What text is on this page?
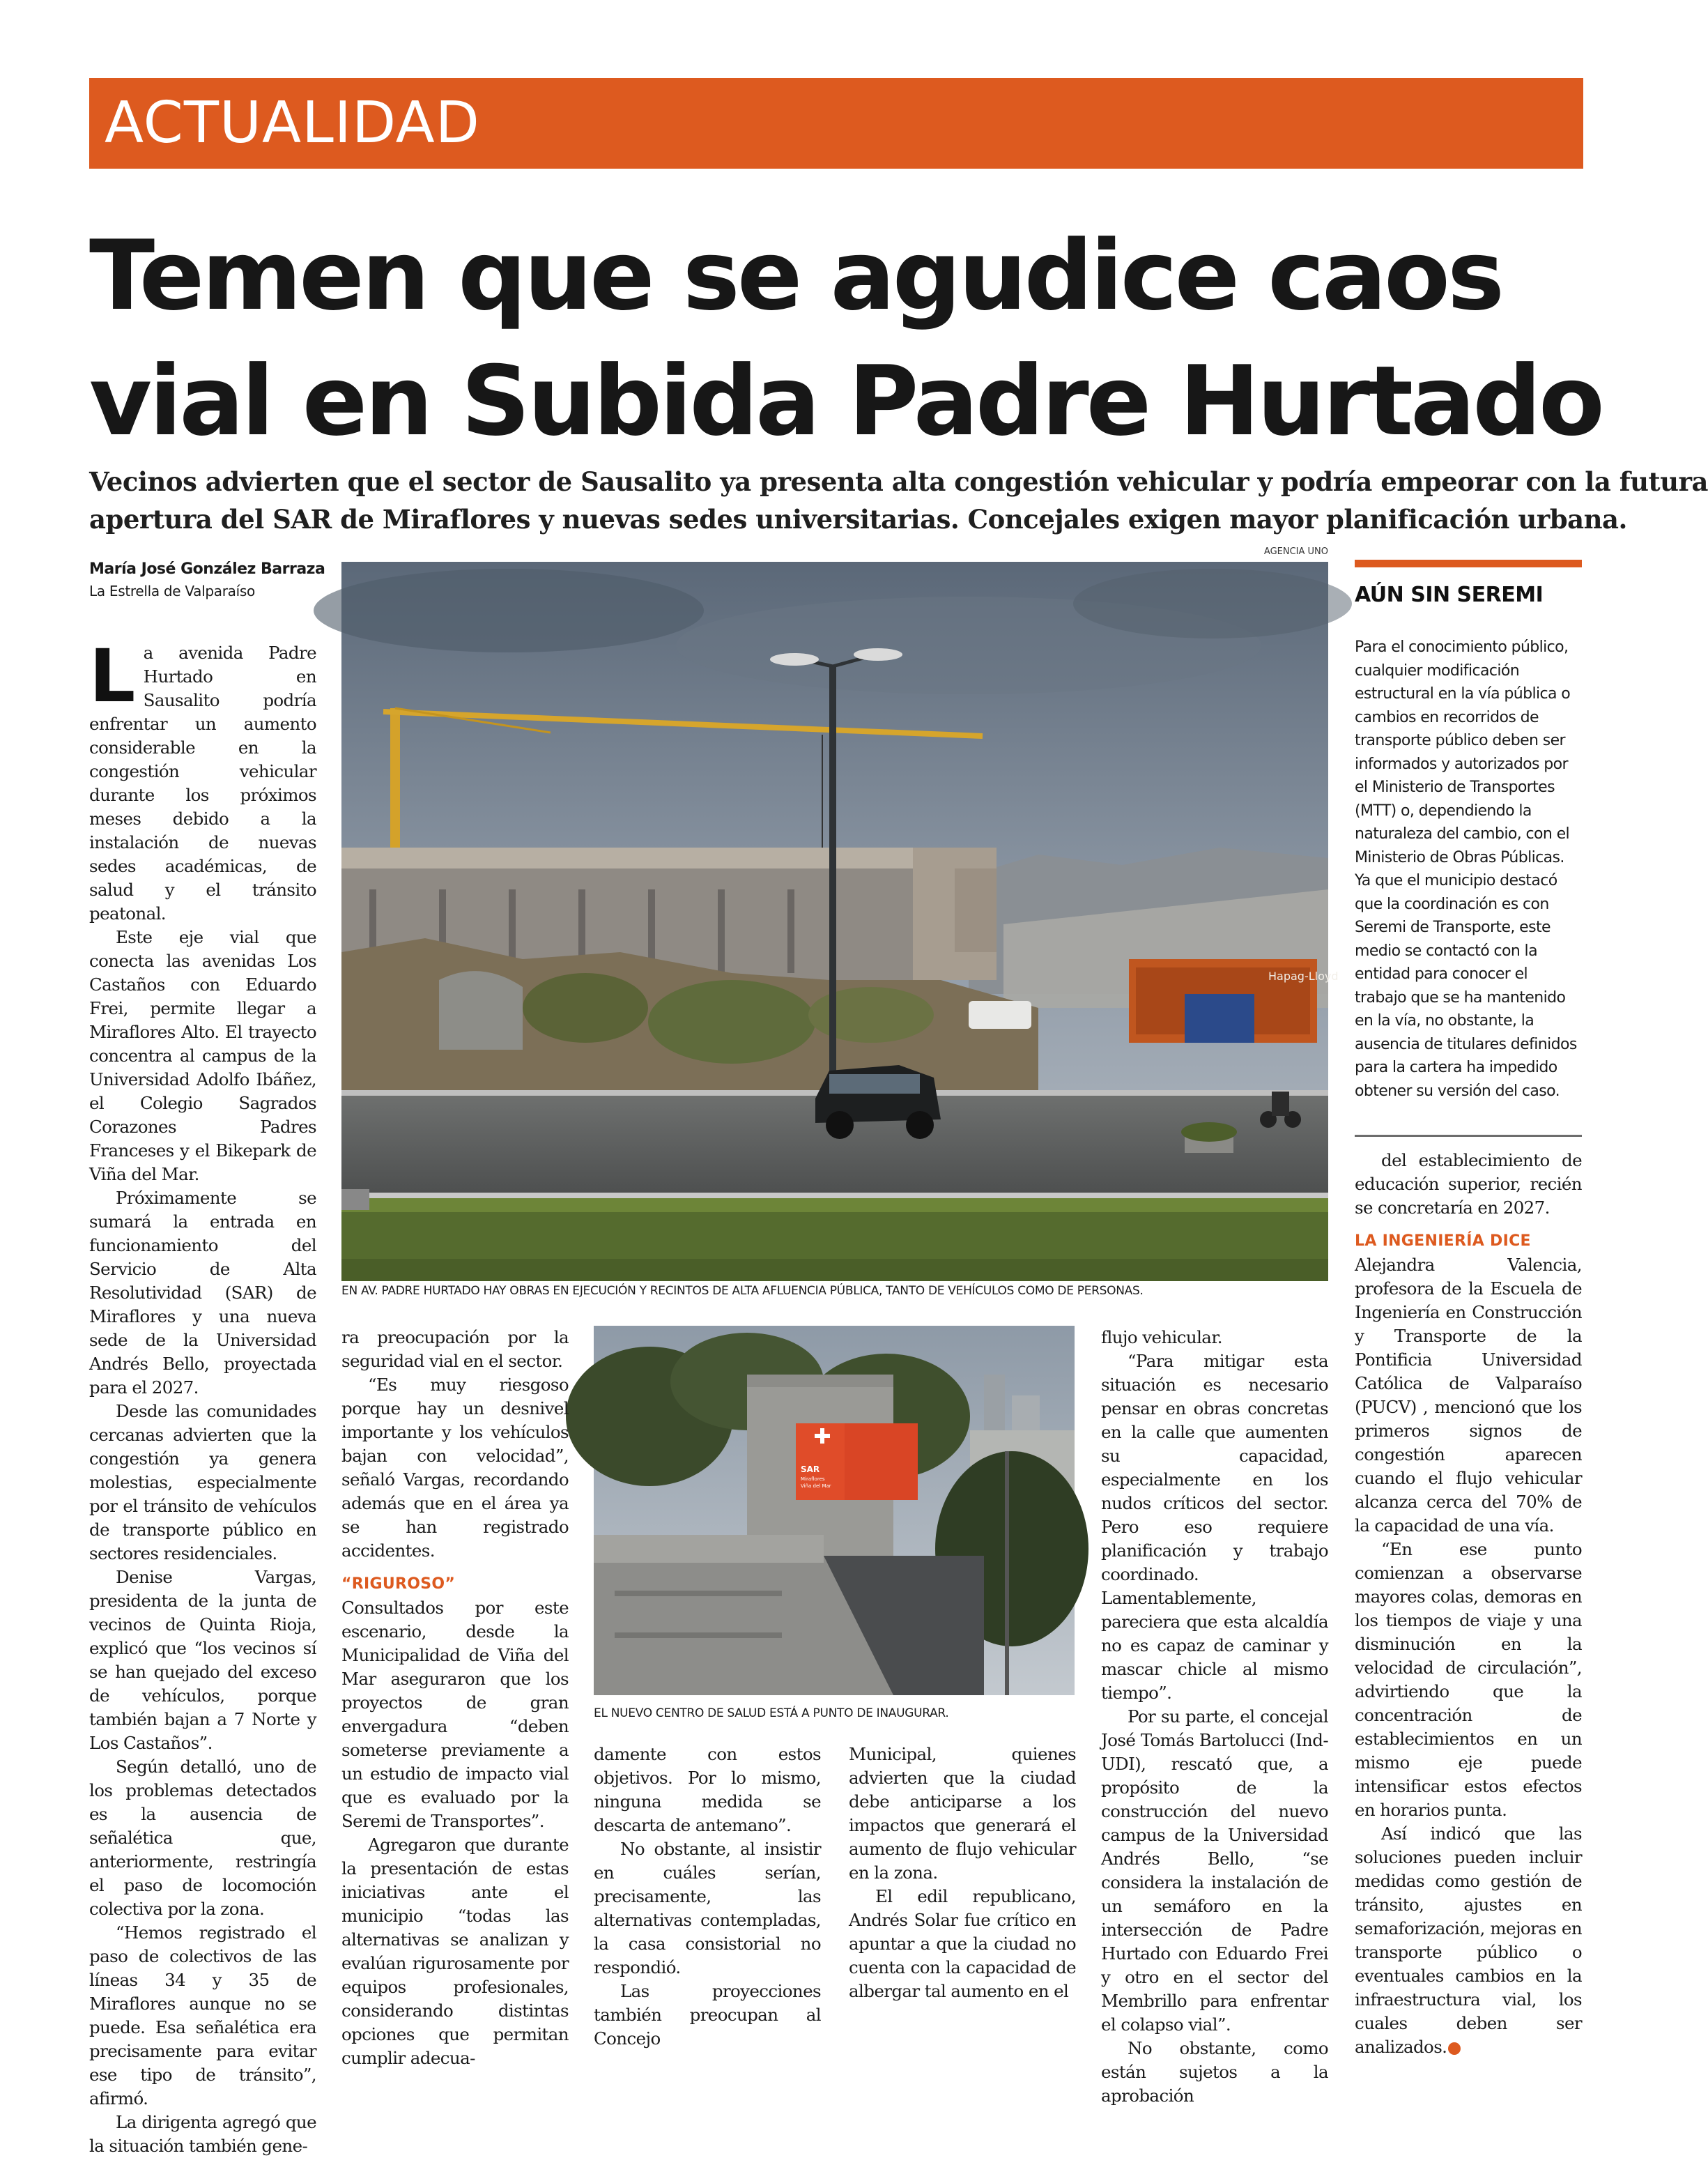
ACTUALIDAD
Temen que se agudice caos
vial en Subida Padre Hurtado
Vecinos advierten que el sector de Sausalito ya presenta alta congestión vehicular y podría empeorar con la futura
apertura del SAR de Miraflores y nuevas sedes universitarias. Concejales exigen mayor planificación urbana.
María José González Barraza
La Estrella de Valparaíso
AGENCIA UNO
Hapag-Lloyd
EN AV. PADRE HURTADO HAY OBRAS EN EJECUCIÓN Y RECINTOS DE ALTA AFLUENCIA PÚBLICA, TANTO DE VEHÍCULOS COMO DE PERSONAS.
SAR
Miraflores
Viña del Mar
EL NUEVO CENTRO DE SALUD ESTÁ A PUNTO DE INAUGURAR.

La avenida Padre Hurtado en Sausalito podría enfrentar un aumento considerable en la congestión vehicular durante los próximos meses debido a la instalación de nuevas sedes académicas, de salud y el tránsito peatonal.

Este eje vial que conecta las avenidas Los Castaños con Eduardo Frei, permite llegar a Miraflores Alto. El trayecto concentra al campus de la Universidad Adolfo Ibáñez, el Colegio Sagrados Corazones Padres Franceses y el Bikepark de Viña del Mar.

Próximamente se sumará la entrada en funcionamiento del Servicio de Alta Resolutividad (SAR) de Miraflores y una nueva sede de la Universidad Andrés Bello, proyectada para el 2027.

Desde las comunidades cercanas advierten que la congestión ya genera molestias, especialmente por el tránsito de vehículos de transporte público en sectores residenciales.

Denise Vargas, presidenta de la junta de vecinos de Quinta Rioja, explicó que “los vecinos sí se han quejado del exceso de vehículos, porque también bajan a 7 Norte y Los Castaños”.

Según detalló, uno de los problemas detectados es la ausencia de señalética que, anteriormente, restringía el paso de locomoción colectiva por la zona.

“Hemos registrado el paso de colectivos de las líneas 34 y 35 de Miraflores aunque no se puede. Esa señalética era precisamente para evitar ese tipo de tránsito”, afirmó.

La dirigenta agregó que la situación también gene-

ra preocupación por la seguridad vial en el sector.

“Es muy riesgoso porque hay un desnivel importante y los vehículos bajan con velocidad”, señaló Vargas, recordando además que en el área ya se han registrado accidentes.

“RIGUROSO”

Consultados por este escenario, desde la Municipalidad de Viña del Mar aseguraron que los proyectos de gran envergadura “deben someterse previamente a un estudio de impacto vial que es evaluado por la Seremi de Transportes”.

Agregaron que durante la presentación de estas iniciativas ante el municipio “todas las alternativas se analizan y evalúan rigurosamente por equipos profesionales, considerando distintas opciones que permitan cumplir adecua-

damente con estos objetivos. Por lo mismo, ninguna medida se descarta de antemano”.

No obstante, al insistir en cuáles serían, precisamente, las alternativas contempladas, la casa consistorial no respondió.

Las proyecciones también preocupan al Concejo

Municipal, quienes advierten que la ciudad debe anticiparse a los impactos que generará el aumento de flujo vehicular en la zona.

El edil republicano, Andrés Solar fue crítico en apuntar a que la ciudad no cuenta con la capacidad de albergar tal aumento en el

flujo vehicular.

“Para mitigar esta situación es necesario pensar en obras concretas en la calle que aumenten su capacidad, especialmente en los nudos críticos del sector. Pero eso requiere planificación y trabajo coordinado. Lamentablemente, pareciera que esta alcaldía no es capaz de caminar y mascar chicle al mismo tiempo”.

Por su parte, el concejal José Tomás Bartolucci (Ind-UDI), rescató que, a propósito de la construcción del nuevo campus de la Universidad Andrés Bello, “se considera la instalación de un semáforo en la intersección de Padre Hurtado con Eduardo Frei y otro en el sector del Membrillo para enfrentar el colapso vial”.

No obstante, como están sujetos a la aprobación

AÚN SIN SEREMI
Para el conocimiento público, cualquier modificación estructural en la vía pública o cambios en recorridos de transporte público deben ser informados y autorizados por el Ministerio de Transportes (MTT) o, dependiendo la naturaleza del cambio, con el Ministerio de Obras Públicas. Ya que el municipio destacó que la coordinación es con Seremi de Transporte, este medio se contactó con la entidad para conocer el trabajo que se ha mantenido en la vía, no obstante, la ausencia de titulares definidos para la cartera ha impedido obtener su versión del caso.

del establecimiento de educación superior, recién se concretaría en 2027.

LA INGENIERÍA DICE

Alejandra Valencia, profesora de la Escuela de Ingeniería en Construcción y Transporte de la Pontificia Universidad Católica de Valparaíso (PUCV) , mencionó que los primeros signos de congestión aparecen cuando el flujo vehicular alcanza cerca del 70% de la capacidad de una vía.

“En ese punto comienzan a observarse mayores colas, demoras en los tiempos de viaje y una disminución en la velocidad de circulación”, advirtiendo que la concentración de establecimientos en un mismo eje puede intensificar estos efectos en horarios punta.

Así indicó que las soluciones pueden incluir medidas como gestión de tránsito, ajustes en semaforización, mejoras en transporte público o eventuales cambios en la infraestructura vial, los cuales deben ser analizados.
